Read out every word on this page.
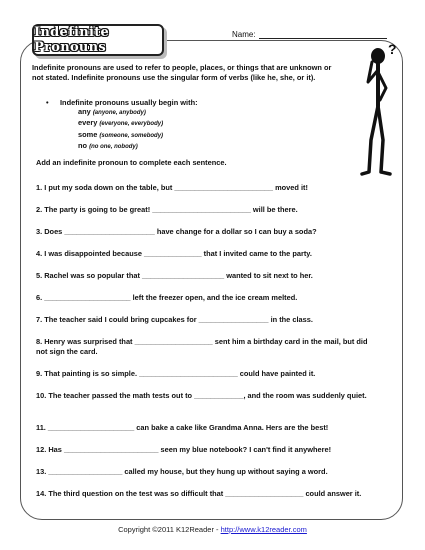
Indefinite Pronouns
Name:
?

Indefinite pronouns are used to refer to people, places, or things that are unknown or not stated. Indefinite pronouns use the singular form of verbs (like he, she, or it).

•	Indefinite pronouns usually begin with:
any (anyone, anybody)
every (everyone, everybody)
some (someone, somebody)
no (no one, nobody)
Add an indefinite pronoun to complete each sentence.
1. I put my soda down on the table, but ________________________ moved it!
2. The party is going to be great! ________________________ will be there.
3. Does ______________________ have change for a dollar so I can buy a soda?
4. I was disappointed because ______________ that I invited came to the party.
5. Rachel was so popular that ____________________ wanted to sit next to her.
6. _____________________ left the freezer open, and the ice cream melted.
7. The teacher said I could bring cupcakes for _________________ in the class.
8. Henry was surprised that ___________________ sent him a birthday card in the mail, but did not sign the card.
9. That painting is so simple. ________________________ could have painted it.
10. The teacher passed the math tests out to ____________, and the room was suddenly quiet.
11. _____________________ can bake a cake like Grandma Anna. Hers are the best!
12. Has _______________________ seen my blue notebook? I can't find it anywhere!
13. __________________ called my house, but they hung up without saying a word.
14. The third question on the test was so difficult that ___________________ could answer it.
Copyright ©2011 K12Reader - http://www.k12reader.com
